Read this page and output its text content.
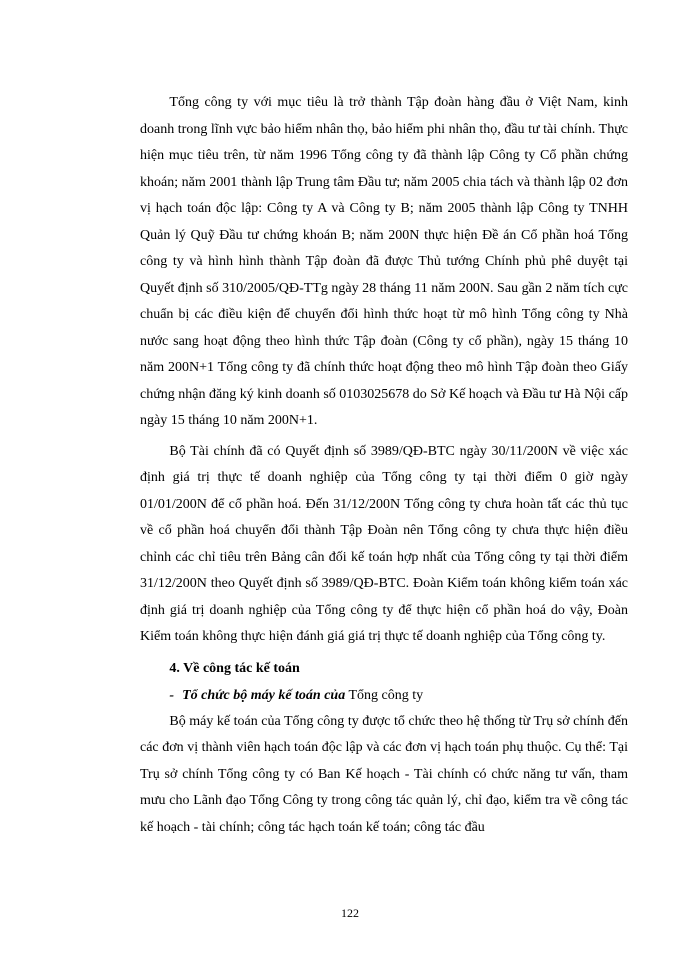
Tổng công ty với mục tiêu là trở thành Tập đoàn hàng đầu ở Việt Nam, kinh doanh trong lĩnh vực bảo hiểm nhân thọ, bảo hiểm phi nhân thọ, đầu tư tài chính. Thực hiện mục tiêu trên, từ năm 1996 Tổng công ty đã thành lập Công ty Cổ phần chứng khoán; năm 2001 thành lập Trung tâm Đầu tư; năm 2005 chia tách và thành lập 02 đơn vị hạch toán độc lập: Công ty A và Công ty B; năm 2005 thành lập Công ty TNHH Quản lý Quỹ Đầu tư chứng khoán B; năm 200N thực hiện Đề án Cổ phần hoá Tổng công ty và hình hình thành Tập đoàn đã được Thủ tướng Chính phủ phê duyệt tại Quyết định số 310/2005/QĐ-TTg ngày 28 tháng 11 năm 200N. Sau gần 2 năm tích cực chuẩn bị các điều kiện để chuyển đổi hình thức hoạt từ mô hình Tổng công ty Nhà nước sang hoạt động theo hình thức Tập đoàn (Công ty cổ phần), ngày 15 tháng 10 năm 200N+1 Tổng công ty đã chính thức hoạt động theo mô hình Tập đoàn theo Giấy chứng nhận đăng ký kinh doanh số 0103025678 do Sở Kế hoạch và Đầu tư Hà Nội cấp ngày 15 tháng 10 năm 200N+1.

Bộ Tài chính đã có Quyết định số 3989/QĐ-BTC ngày 30/11/200N về việc xác định giá trị thực tế doanh nghiệp của Tổng công ty tại thời điểm 0 giờ ngày 01/01/200N để cổ phần hoá. Đến 31/12/200N Tổng công ty chưa hoàn tất các thủ tục về cổ phần hoá chuyển đổi thành Tập Đoàn nên Tổng công ty chưa thực hiện điều chỉnh các chỉ tiêu trên Bảng cân đối kế toán hợp nhất của Tổng công ty tại thời điểm 31/12/200N theo Quyết định số 3989/QĐ-BTC. Đoàn Kiểm toán không kiểm toán xác định giá trị doanh nghiệp của Tổng công ty để thực hiện cổ phần hoá do vậy, Đoàn Kiểm toán không thực hiện đánh giá giá trị thực tế doanh nghiệp của Tổng công ty.

4. Về công tác kế toán

- Tổ chức bộ máy kế toán của Tổng công ty

Bộ máy kế toán của Tổng công ty được tổ chức theo hệ thống từ Trụ sở chính đến các đơn vị thành viên hạch toán độc lập và các đơn vị hạch toán phụ thuộc. Cụ thể: Tại Trụ sở chính Tổng công ty có Ban Kế hoạch - Tài chính có chức năng tư vấn, tham mưu cho Lãnh đạo Tổng Công ty trong công tác quản lý, chỉ đạo, kiểm tra về công tác kế hoạch - tài chính; công tác hạch toán kế toán; công tác đầu

122
